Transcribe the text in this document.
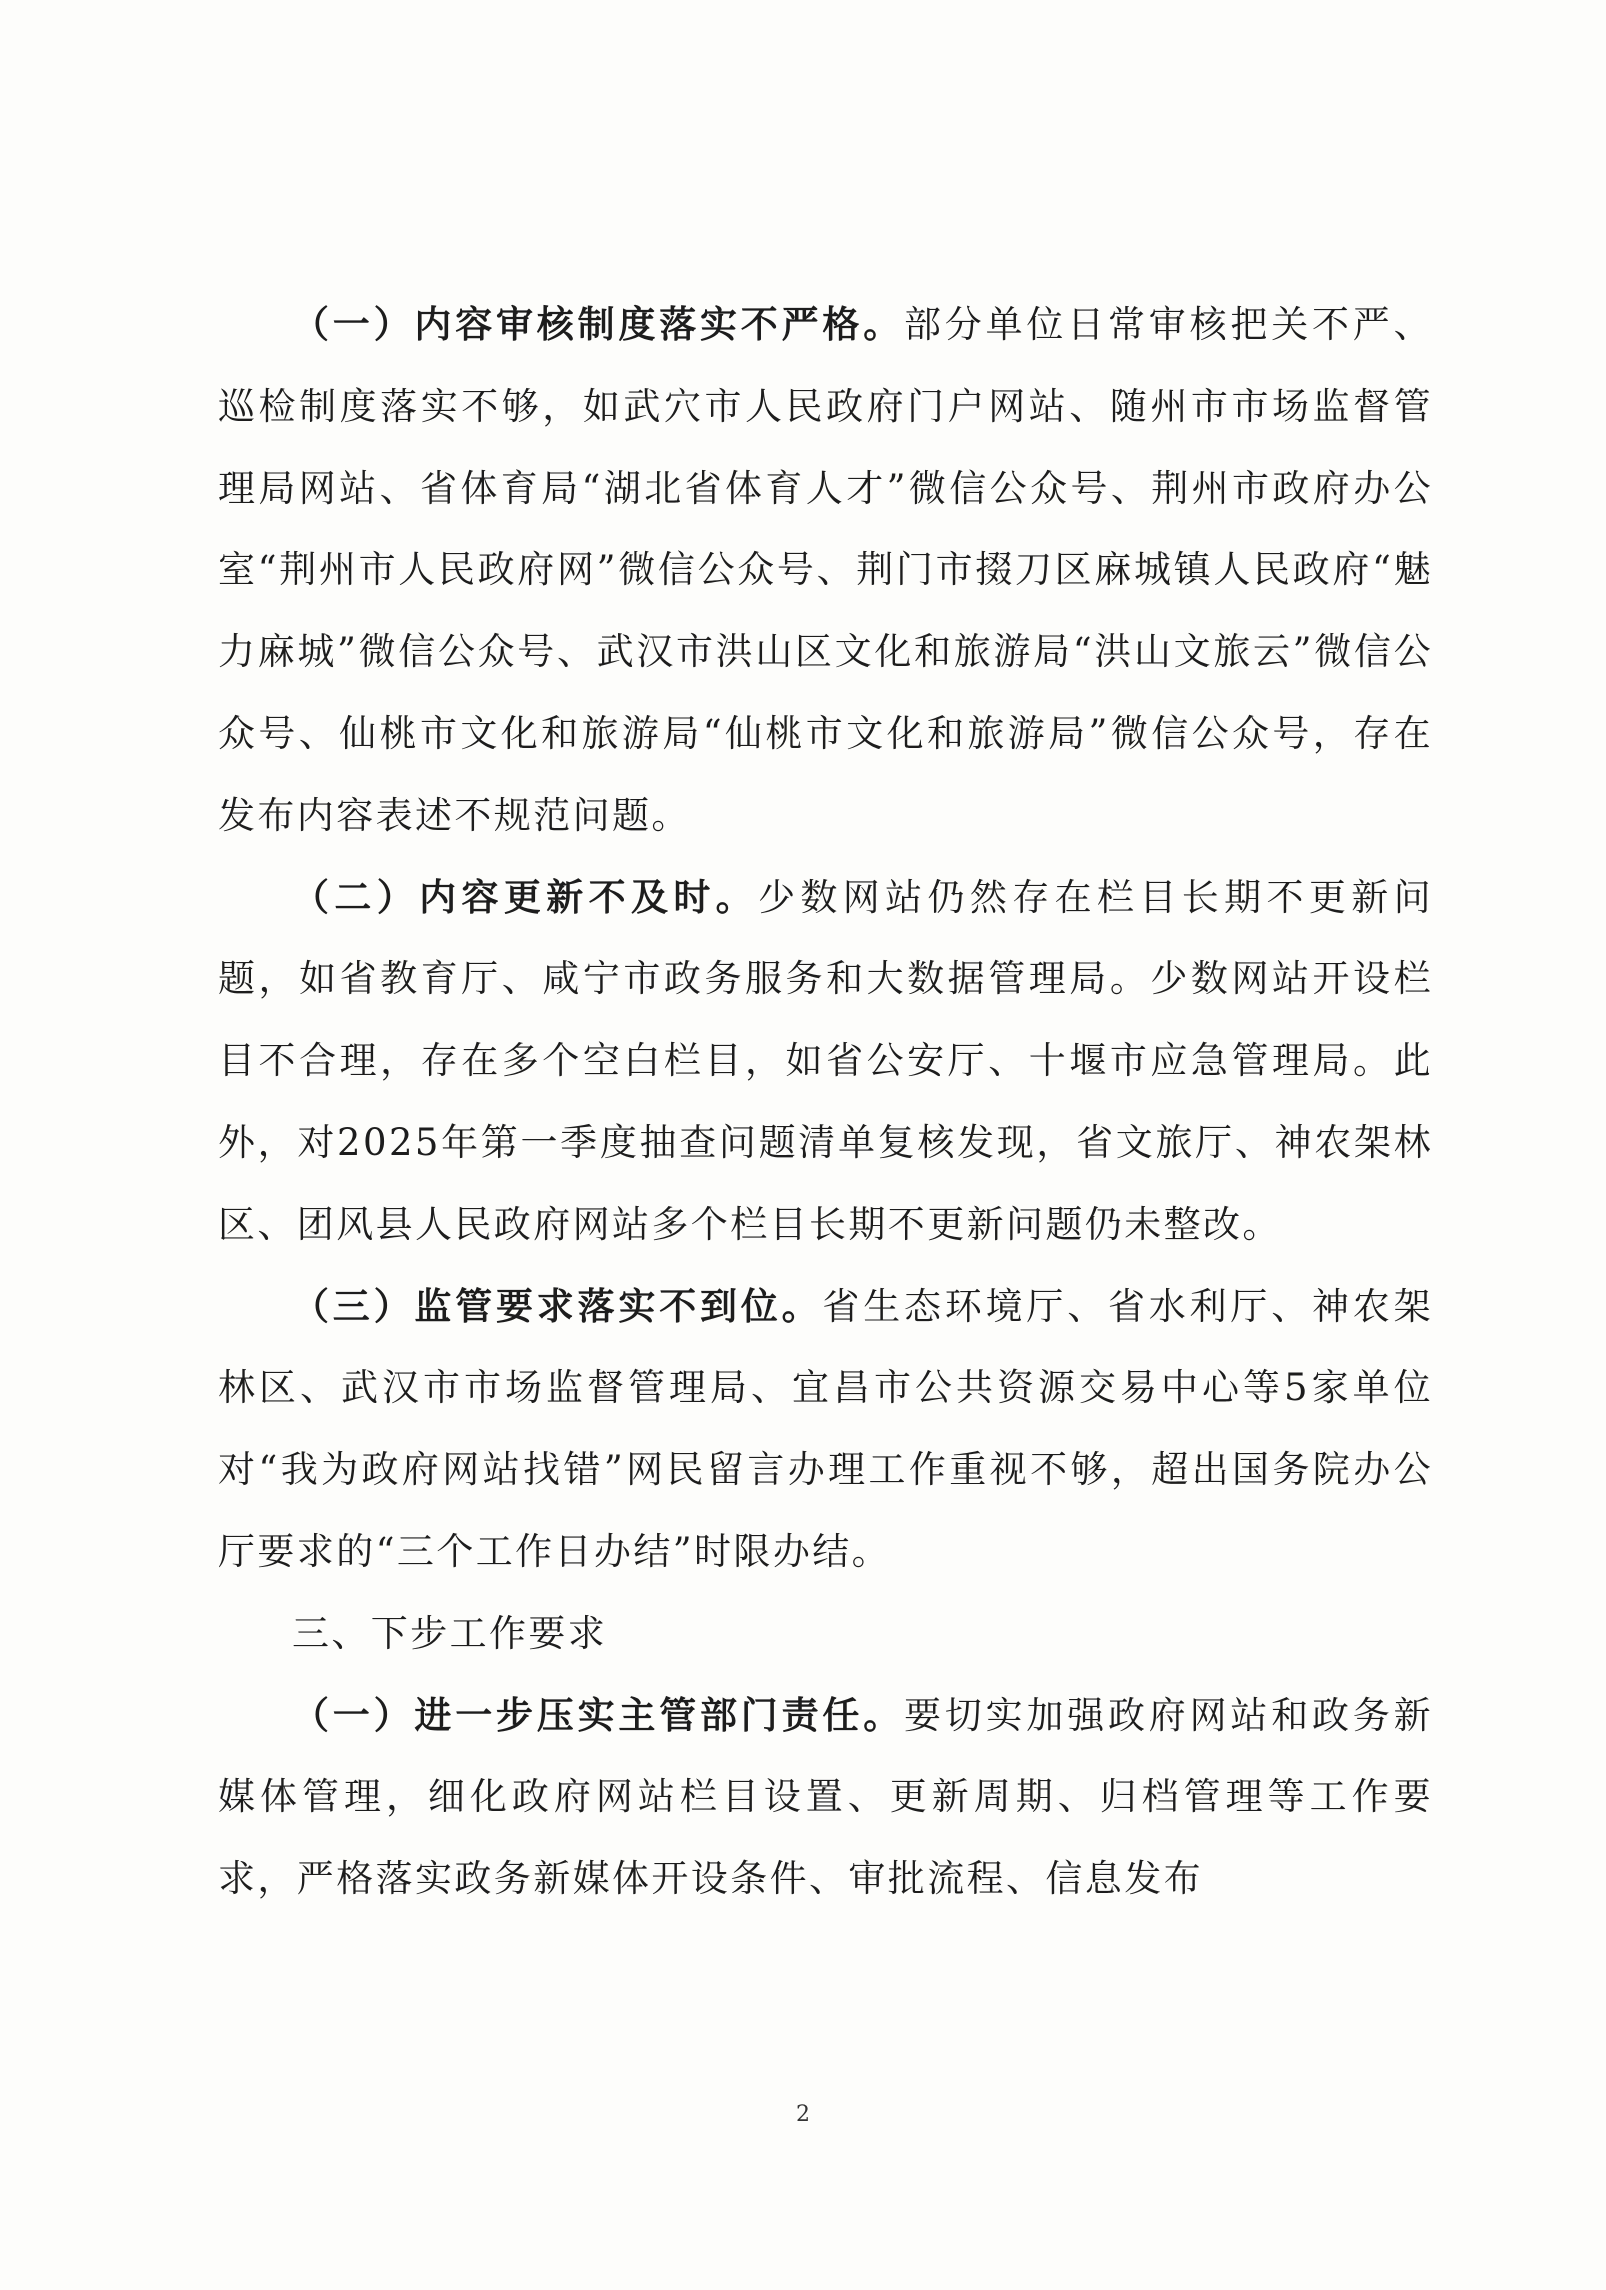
（一）内容审核制度落实不严格。部分单位日常审核把关不严、巡检制度落实不够，如武穴市人民政府门户网站、随州市市场监督管理局网站、省体育局“湖北省体育人才”微信公众号、荆州市政府办公室“荆州市人民政府网”微信公众号、荆门市掇刀区麻城镇人民政府“魅力麻城”微信公众号、武汉市洪山区文化和旅游局“洪山文旅云”微信公众号、仙桃市文化和旅游局“仙桃市文化和旅游局”微信公众号，存在发布内容表述不规范问题。

（二）内容更新不及时。少数网站仍然存在栏目长期不更新问题，如省教育厅、咸宁市政务服务和大数据管理局。少数网站开设栏目不合理，存在多个空白栏目，如省公安厅、十堰市应急管理局。此外，对2025年第一季度抽查问题清单复核发现，省文旅厅、神农架林区、团风县人民政府网站多个栏目长期不更新问题仍未整改。

（三）监管要求落实不到位。省生态环境厅、省水利厅、神农架林区、武汉市市场监督管理局、宜昌市公共资源交易中心等5家单位对“我为政府网站找错”网民留言办理工作重视不够，超出国务院办公厅要求的“三个工作日办结”时限办结。

三、下步工作要求

（一）进一步压实主管部门责任。要切实加强政府网站和政务新媒体管理，细化政府网站栏目设置、更新周期、归档管理等工作要求，严格落实政务新媒体开设条件、审批流程、信息发布

2
